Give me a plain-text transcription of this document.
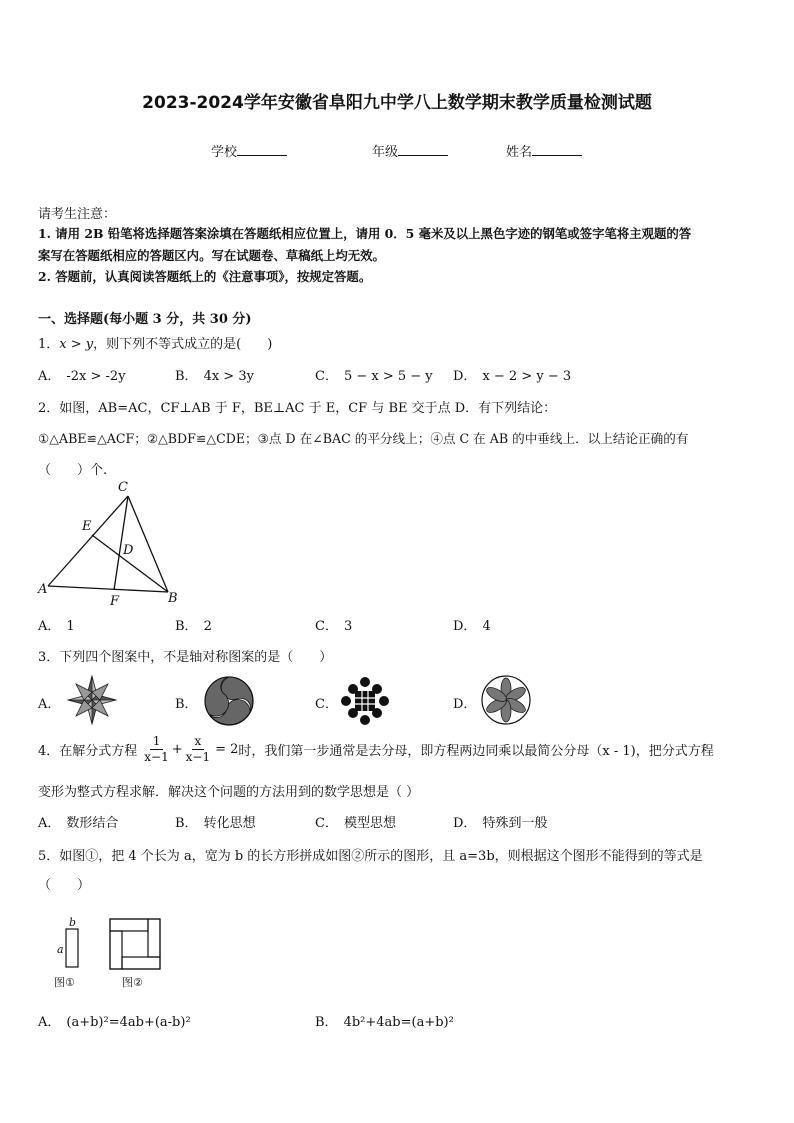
2023-2024学年安徽省阜阳九中学八上数学期末教学质量检测试题
学校	年级	姓名
请考生注意：
1. 请用 2B 铅笔将选择题答案涂填在答题纸相应位置上，请用 0．5 毫米及以上黑色字迹的钢笔或签字笔将主观题的答
案写在答题纸相应的答题区内。写在试题卷、草稿纸上均无效。
2. 答题前，认真阅读答题纸上的《注意事项》，按规定答题。
一、选择题(每小题 3 分，共 30 分)
1．x > y，则下列不等式成立的是(　　)
A． -2x > -2y	B． 4x > 3y	C． 5 − x > 5 − y D． x − 2 > y − 3
2．如图，AB=AC，CF⊥AB 于 F，BE⊥AC 于 E，CF 与 BE 交于点 D．有下列结论：
①△ABE≌△ACF；②△BDF≌△CDE；③点 D 在∠BAC 的平分线上；④点 C 在 AB 的中垂线上．以上结论正确的有
（　　）个.
C
E
D
A
F	B
A． 1	B． 2	C． 3	D． 4
3．下列四个图案中，不是轴对称图案的是（　　）
A．	B．	C．	D．
4．在解分式方程 $\frac{1}{x-1} + \frac{x}{x-1} = 2$ 时，我们第一步通常是去分母，即方程两边同乘以最简公分母（x - 1)，把分式方程
变形为整式方程求解．解决这个问题的方法用到的数学思想是（ ）
A． 数形结合	B． 转化思想	C． 模型思想	D． 特殊到一般
5．如图①，把 4 个长为 a，宽为 b 的长方形拼成如图②所示的图形，且 a=3b，则根据这个图形不能得到的等式是
（　　）
b
a
图①	图②
A． (a+b)²=4ab+(a-b)²	B． 4b²+4ab=(a+b)²
